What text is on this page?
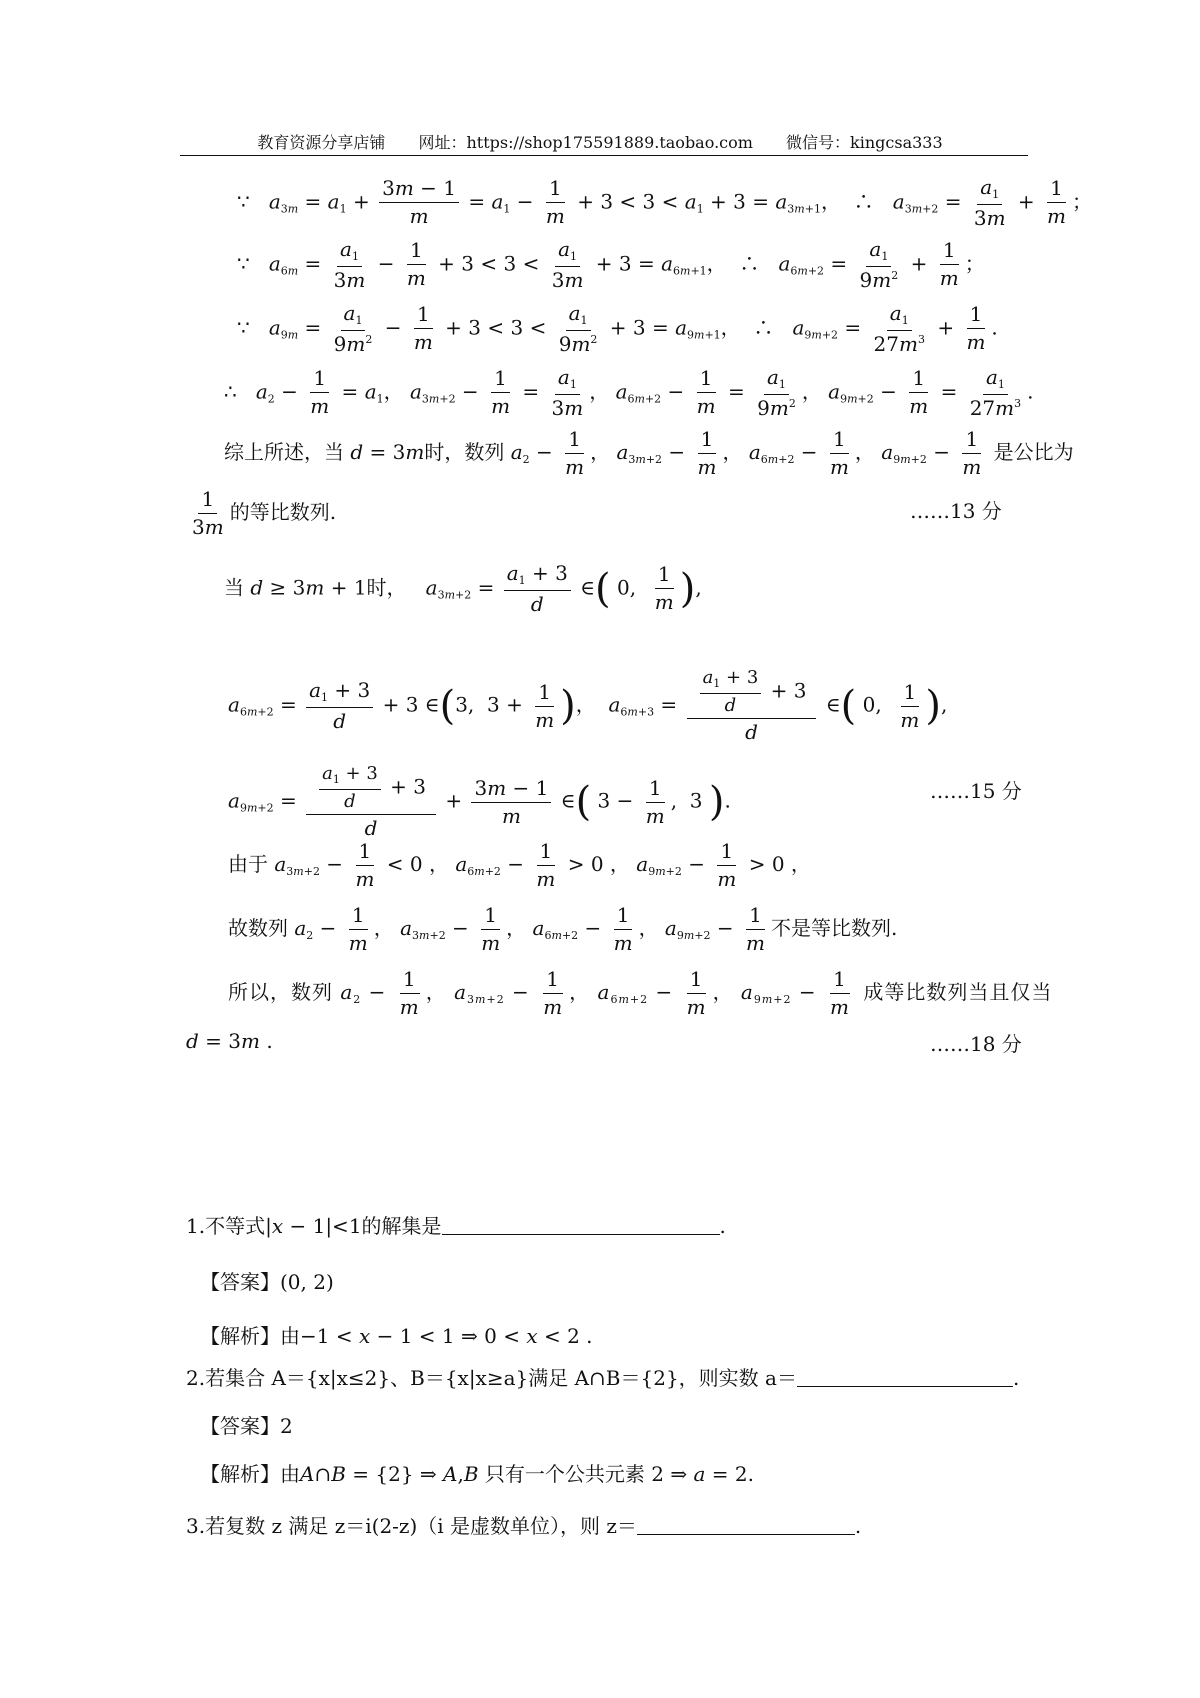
教育资源分享店铺 网址：https://shop175591889.taobao.com 微信号：kingcsa333
∵ $a_{3m} = a_1 + \frac{3m - 1}{m} = a_1 - \frac{1}{m} + 3 < 3 < a_1 + 3 = a_{3m+1}$，  ∴ $a_{3m+2} = \frac{a_1}{3m} + \frac{1}{m}$ ；
∵ $a_{6m} = \frac{a_1}{3m} - \frac{1}{m} + 3 < 3 < \frac{a_1}{3m} + 3 = a_{6m+1}$，  ∴ $a_{6m+2} = \frac{a_1}{9m^2} + \frac{1}{m}$ ；
∵ $a_{9m} = \frac{a_1}{9m^2} - \frac{1}{m} + 3 < 3 < \frac{a_1}{9m^2} + 3 = a_{9m+1}$，  ∴ $a_{9m+2} = \frac{a_1}{27m^3} + \frac{1}{m}$ .
∴ $a_2 - \frac{1}{m} = a_1$， $a_{3m+2} - \frac{1}{m} = \frac{a_1}{3m}$ ， $a_{6m+2} - \frac{1}{m} = \frac{a_1}{9m^2}$ ， $a_{9m+2} - \frac{1}{m} = \frac{a_1}{27m^3}$ .
综上所述，当 d = 3m时，数列 $a_2 - \frac{1}{m}$ ， $a_{3m+2} - \frac{1}{m}$ ， $a_{6m+2} - \frac{1}{m}$ ， $a_{9m+2} - \frac{1}{m}$ 是公比为
$\frac{1}{3m}$ 的等比数列.	……13 分
当 d ≥ 3m + 1时， $a_{3m+2} = \frac{a_1 + 3}{d}$ ∈( 0, $\frac{1}{m}$ ),
$a_{6m+2} = \frac{a_1 + 3}{d} + 3$ ∈(3,  $3 + \frac{1}{m}$ )，  $a_{6m+3} = \frac{\frac{a_1 + 3}{d} + 3}{d}$ ∈( 0, $\frac{1}{m}$ ),
$a_{9m+2} = \frac{\frac{a_1 + 3}{d} + 3}{d} + \frac{3m - 1}{m}$ ∈( $3 - \frac{1}{m}$ ,  3 ).	……15 分
由于 $a_{3m+2} - \frac{1}{m} < 0$ ， $a_{6m+2} - \frac{1}{m} > 0$ ， $a_{9m+2} - \frac{1}{m} > 0$ ，
故数列 $a_2 - \frac{1}{m}$ ， $a_{3m+2} - \frac{1}{m}$ ， $a_{6m+2} - \frac{1}{m}$ ， $a_{9m+2} - \frac{1}{m}$ 不是等比数列.
所以，数列 $a_2 - \frac{1}{m}$ ， $a_{3m+2} - \frac{1}{m}$ ， $a_{6m+2} - \frac{1}{m}$ ， $a_{9m+2} - \frac{1}{m}$ 成等比数列当且仅当
d = 3m .	……18 分
1.不等式|x − 1|<1的解集是	.
【答案】(0, 2)
【解析】由−1 < x − 1 < 1 ⇒ 0 < x < 2 .
2.若集合 A＝{x|x≤2}、B＝{x|x≥a}满足 A∩B＝{2}，则实数 a＝	.
【答案】2
【解析】由A∩B = {2} ⇒ A,B 只有一个公共元素 2 ⇒ a = 2.
3.若复数 z 满足 z＝i(2-z)（i 是虚数单位），则 z＝	.
